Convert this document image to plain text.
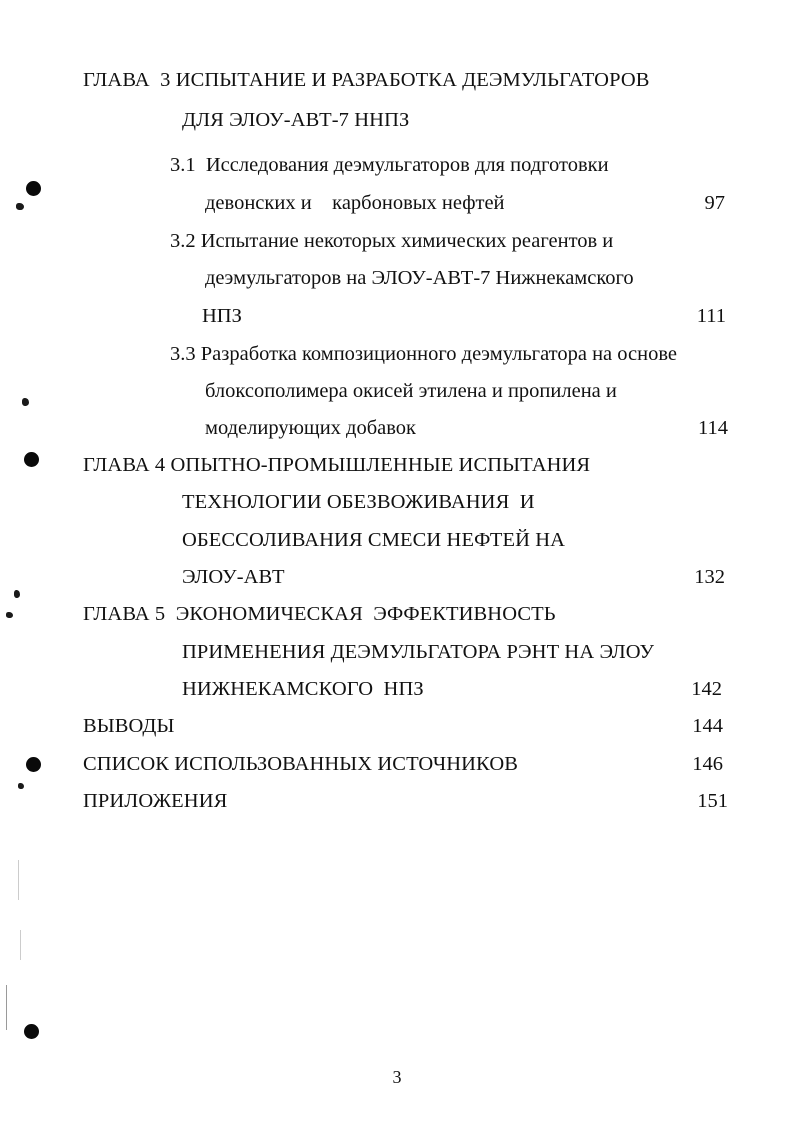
ГЛАВА  3 ИСПЫТАНИЕ И РАЗРАБОТКА ДЕЭМУЛЬГАТОРОВ
ДЛЯ ЭЛОУ-АВТ-7 ННПЗ
3.1  Исследования деэмульгаторов для подготовки
девонских и    карбоновых нефтей	97
3.2 Испытание некоторых химических реагентов и
деэмульгаторов на ЭЛОУ-АВТ-7 Нижнекамского
НПЗ	111
3.3 Разработка композиционного деэмульгатора на основе
блоксополимера окисей этилена и пропилена и
моделирующих добавок	114
ГЛАВА 4 ОПЫТНО-ПРОМЫШЛЕННЫЕ ИСПЫТАНИЯ
ТЕХНОЛОГИИ ОБЕЗВОЖИВАНИЯ  И
ОБЕССОЛИВАНИЯ СМЕСИ НЕФТЕЙ НА
ЭЛОУ-АВТ	132
ГЛАВА 5  ЭКОНОМИЧЕСКАЯ  ЭФФЕКТИВНОСТЬ
ПРИМЕНЕНИЯ ДЕЭМУЛЬГАТОРА РЭНТ НА ЭЛОУ
НИЖНЕКАМСКОГО  НПЗ	142
ВЫВОДЫ	144
СПИСОК ИСПОЛЬЗОВАННЫХ ИСТОЧНИКОВ	146
ПРИЛОЖЕНИЯ	151
3
